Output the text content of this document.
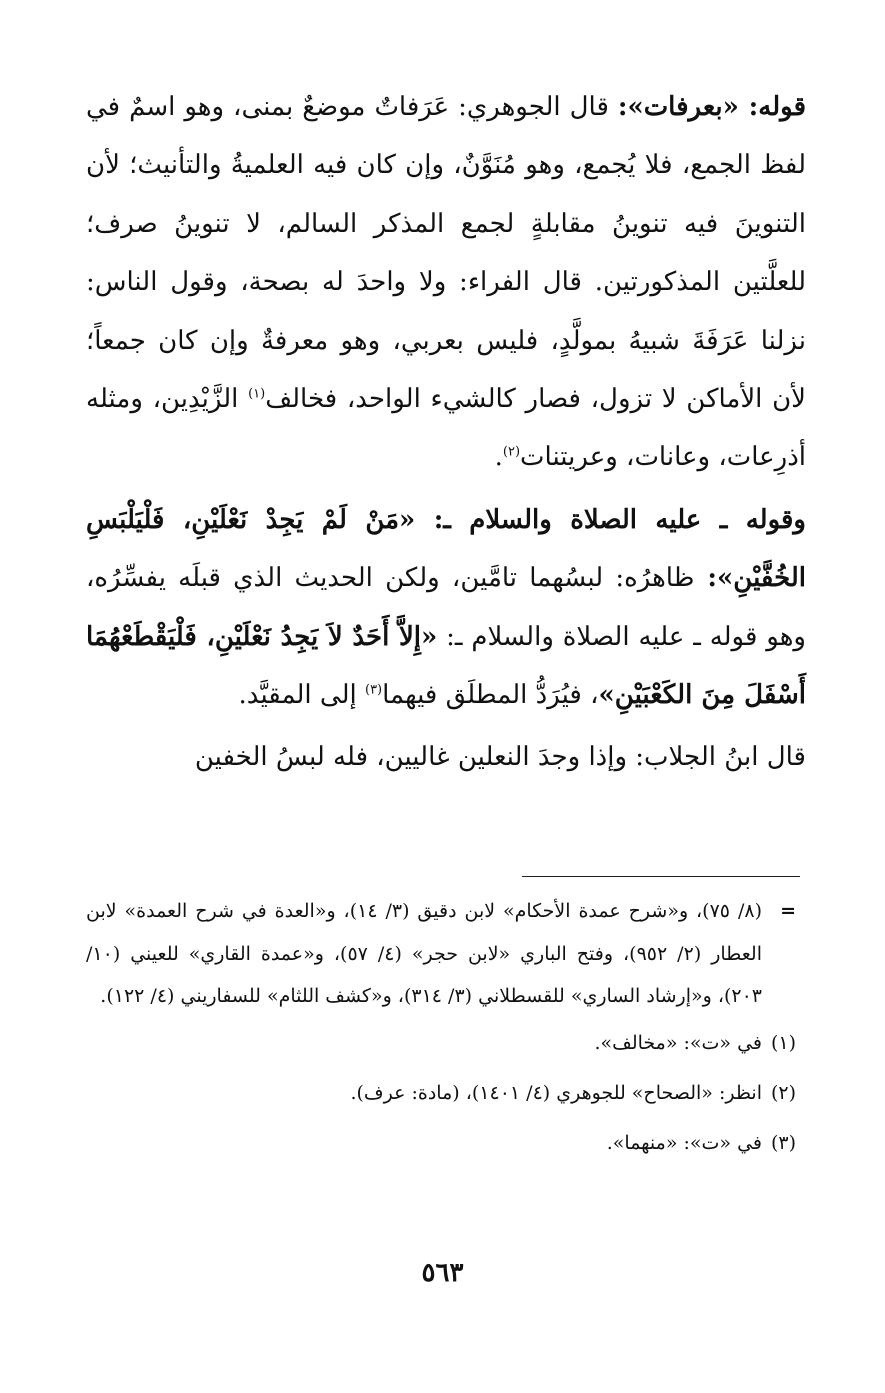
قوله: «بعرفات»: قال الجوهري: عَرَفاتٌ موضعٌ بمنى، وهو اسمٌ في لفظ الجمع، فلا يُجمع، وهو مُنَوَّنٌ، وإن كان فيه العلميةُ والتأنيث؛ لأن التنوينَ فيه تنوينُ مقابلةٍ لجمع المذكر السالم، لا تنوينُ صرف؛ للعلَّتين المذكورتين. قال الفراء: ولا واحدَ له بصحة، وقول الناس: نزلنا عَرَفَةَ شبيهُ بمولَّدٍ، فليس بعربي، وهو معرفةٌ وإن كان جمعاً؛ لأن الأماكن لا تزول، فصار كالشيء الواحد، فخالف$^{(١)}$ الزَّيْدِين، ومثله أذرِعات، وعانات، وعريتنات$^{(٢)}$.

وقوله ـ عليه الصلاة والسلام ـ: «مَنْ لَمْ يَجِدْ نَعْلَيْنِ، فَلْيَلْبَسِ الخُفَّيْنِ»: ظاهرُه: لبسُهما تامَّين، ولكن الحديث الذي قبلَه يفسِّرُه، وهو قوله ـ عليه الصلاة والسلام ـ: «إِلاَّ أَحَدٌ لاَ يَجِدُ نَعْلَيْنِ، فَلْيَقْطَعْهُمَا أَسْفَلَ مِنَ الكَعْبَيْنِ»، فيُرَدُّ المطلَق فيهما$^{(٣)}$ إلى المقيَّد.

قال ابنُ الجلاب: وإذا وجدَ النعلين غاليين، فله لبسُ الخفين

=
(٨/ ٧٥)، و«شرح عمدة الأحكام» لابن دقيق (٣/ ١٤)، و«العدة في شرح العمدة» لابن العطار (٢/ ٩٥٢)، وفتح الباري «لابن حجر» (٤/ ٥٧)، و«عمدة القاري» للعيني (١٠/ ٢٠٣)، و«إرشاد الساري» للقسطلاني (٣/ ٣١٤)، و«كشف اللثام» للسفاريني (٤/ ١٢٢).
(١)
في «ت»: «مخالف».
(٢)
انظر: «الصحاح» للجوهري (٤/ ١٤٠١)، (مادة: عرف).
(٣)
في «ت»: «منهما».
٥٦٣
